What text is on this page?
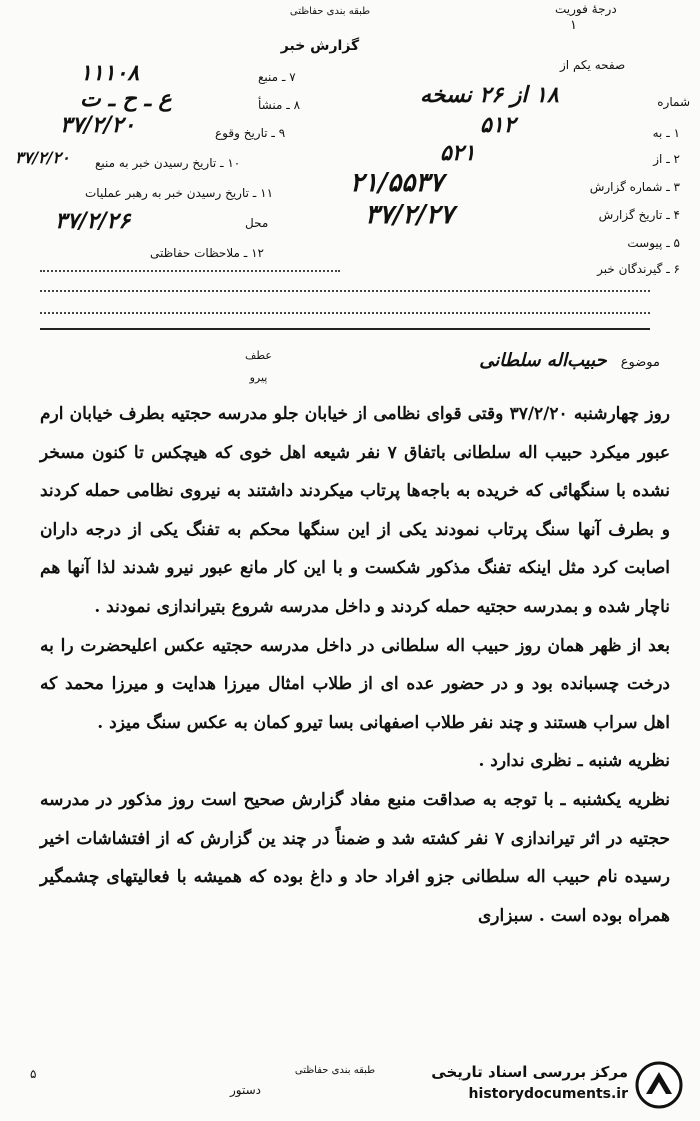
درجهٔ فوریت
۱
طبقه بندی حفاظتی
گزارش خبر
صفحه یکم از
شماره
۱۸ از ۲۶ نسخه
۱ ـ به
۵۱۲
۲ ـ از
۵۲۱
۳ ـ شماره گزارش
۲۱/۵۵۳۷
۴ ـ تاریخ گزارش
۳۷/۲/۲۷
۵ ـ پیوست
۶ ـ گیرندگان خبر
۷ ـ منبع
۱۱۱۰۸
۸ ـ منشأ
ع ـ ح ـ ت
۹ ـ تاریخ وقوع
۳۷/۲/۲۰
۱۰ ـ تاریخ رسیدن خبر به منبع
۳۷/۲/۲۰
۱۱ ـ تاریخ رسیدن خبر به رهبر عملیات
محل
۳۷/۲/۲۶
۱۲ ـ ملاحظات حفاظتی
عطف
پیرو
موضوع حبیب‌اله سلطانی

روز چهارشنبه ۳۷/۲/۲۰ وقتی قوای نظامی از خیابان جلو مدرسه حجتیه بطرف خیابان ارم عبور میکرد حبیب اله سلطانی باتفاق ۷ نفر شیعه اهل خوی که هیچکس تا کنون مسخر نشده با سنگهائی که خریده به باجه‌ها پرتاب میکردند داشتند به نیروی نظامی حمله کردند و بطرف آنها سنگ پرتاب نمودند یکی از این سنگها محکم به تفنگ یکی از درجه داران اصابت کرد مثل اینکه تفنگ مذکور شکست و با این کار مانع عبور نیرو شدند لذا آنها هم ناچار شده و بمدرسه حجتیه حمله کردند و داخل مدرسه شروع بتیراندازی نمودند .

بعد از ظهر همان روز حبیب اله سلطانی در داخل مدرسه حجتیه عکس اعلیحضرت را به درخت چسبانده بود و در حضور عده ای از طلاب امثال میرزا هدایت و میرزا محمد که اهل سراب هستند و چند نفر طلاب اصفهانی بسا تیرو کمان به عکس سنگ میزد .

نظریه شنبه ـ نظری ندارد .

نظریه یکشنبه ـ با توجه به صداقت منبع مفاد گزارش صحیح است روز مذکور در مدرسه حجتیه در اثر تیراندازی ۷ نفر کشته شد و ضمناً در چند ین گزارش که از افتشاشات اخیر رسیده نام حبیب اله سلطانی جزو افراد حاد و داغ بوده که همیشه با فعالیتهای چشمگیر همراه بوده است . سبزاری

۵	طبقه بندی حفاظتی
دستور
مرکز بررسی اسناد تاریخی
historydocuments.ir
